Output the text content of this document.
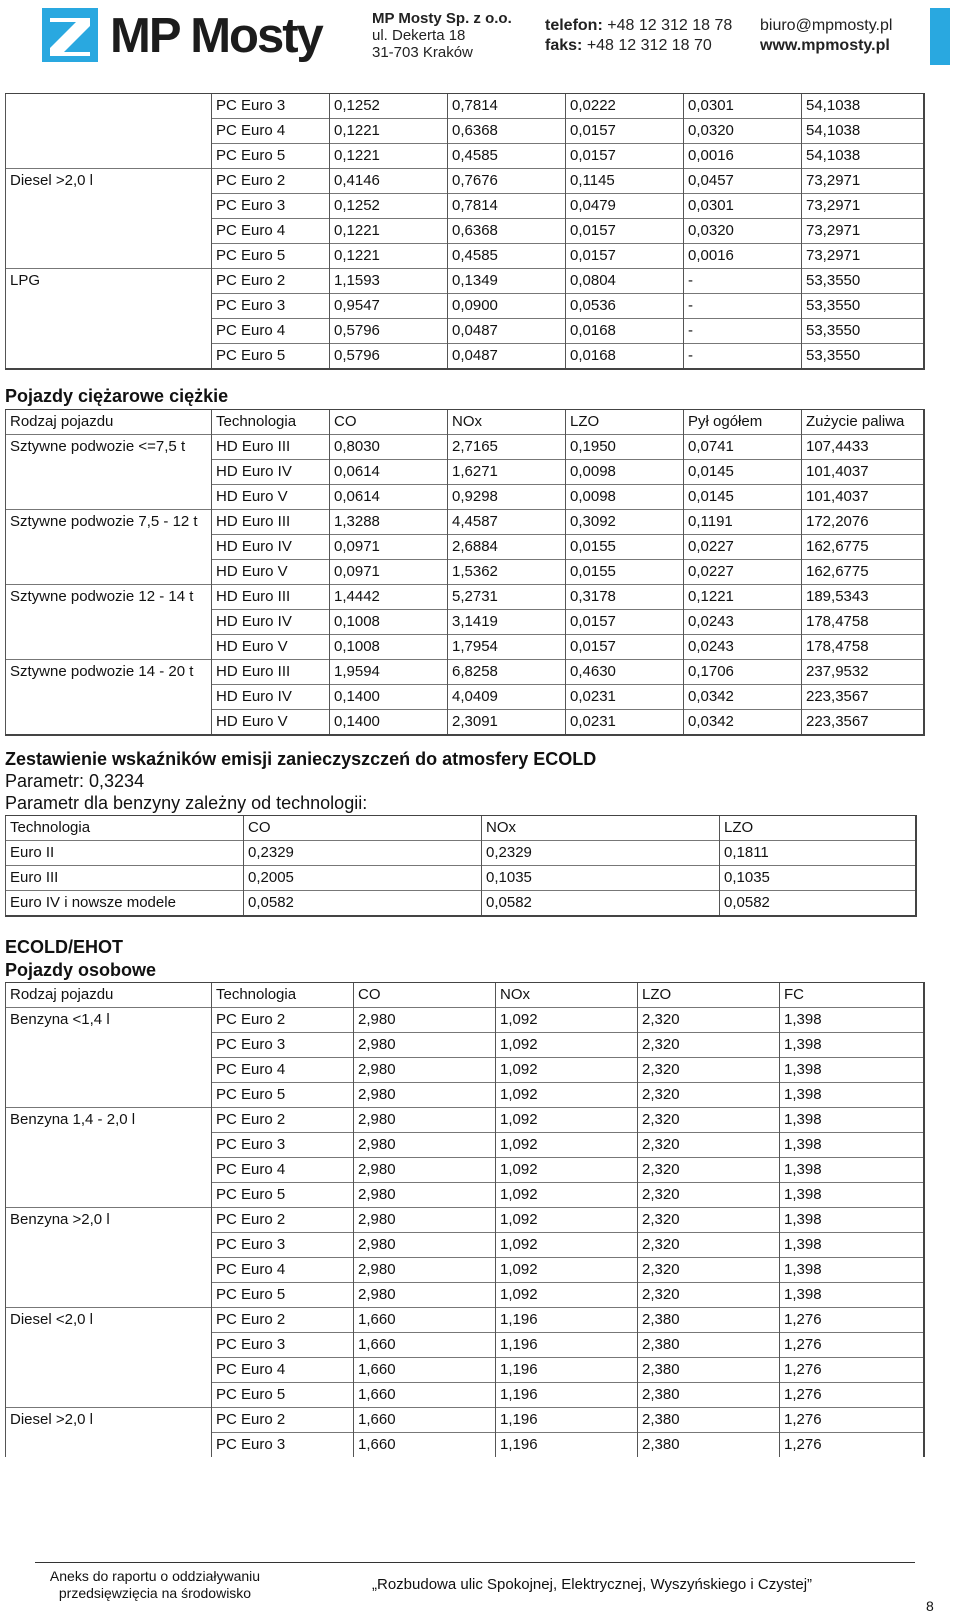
MP Mosty	MP Mosty Sp. z o.o.
ul. Dekerta 18
31-703 Kraków
telefon: +48 12 312 18 78
faks: +48 12 312 18 70
biuro@mpmosty.pl
www.mpmosty.pl
	PC Euro 3	0,1252	0,7814	0,0222	0,0301	54,1038
	PC Euro 4	0,1221	0,6368	0,0157	0,0320	54,1038
	PC Euro 5	0,1221	0,4585	0,0157	0,0016	54,1038
Diesel >2,0 l	PC Euro 2	0,4146	0,7676	0,1145	0,0457	73,2971
	PC Euro 3	0,1252	0,7814	0,0479	0,0301	73,2971
	PC Euro 4	0,1221	0,6368	0,0157	0,0320	73,2971
	PC Euro 5	0,1221	0,4585	0,0157	0,0016	73,2971
LPG	PC Euro 2	1,1593	0,1349	0,0804	-	53,3550
	PC Euro 3	0,9547	0,0900	0,0536	-	53,3550
	PC Euro 4	0,5796	0,0487	0,0168	-	53,3550
	PC Euro 5	0,5796	0,0487	0,0168	-	53,3550
Pojazdy ciężarowe ciężkie
Rodzaj pojazdu	Technologia	CO	NOx	LZO	Pył ogółem	Zużycie paliwa
Sztywne podwozie <=7,5 t	HD Euro III	0,8030	2,7165	0,1950	0,0741	107,4433
	HD Euro IV	0,0614	1,6271	0,0098	0,0145	101,4037
	HD Euro V	0,0614	0,9298	0,0098	0,0145	101,4037
Sztywne podwozie 7,5 - 12 t	HD Euro III	1,3288	4,4587	0,3092	0,1191	172,2076
	HD Euro IV	0,0971	2,6884	0,0155	0,0227	162,6775
	HD Euro V	0,0971	1,5362	0,0155	0,0227	162,6775
Sztywne podwozie 12 - 14 t	HD Euro III	1,4442	5,2731	0,3178	0,1221	189,5343
	HD Euro IV	0,1008	3,1419	0,0157	0,0243	178,4758
	HD Euro V	0,1008	1,7954	0,0157	0,0243	178,4758
Sztywne podwozie 14 - 20 t	HD Euro III	1,9594	6,8258	0,4630	0,1706	237,9532
	HD Euro IV	0,1400	4,0409	0,0231	0,0342	223,3567
	HD Euro V	0,1400	2,3091	0,0231	0,0342	223,3567
Zestawienie wskaźników emisji zanieczyszczeń do atmosfery ECOLD
Parametr: 0,3234
Parametr dla benzyny zależny od technologii:
Technologia	CO	NOx	LZO
Euro II	0,2329	0,2329	0,1811
Euro III	0,2005	0,1035	0,1035
Euro IV i nowsze modele	0,0582	0,0582	0,0582
ECOLD/EHOT
Pojazdy osobowe
Rodzaj pojazdu	Technologia	CO	NOx	LZO	FC
Benzyna <1,4 l	PC Euro 2	2,980	1,092	2,320	1,398
	PC Euro 3	2,980	1,092	2,320	1,398
	PC Euro 4	2,980	1,092	2,320	1,398
	PC Euro 5	2,980	1,092	2,320	1,398
Benzyna 1,4 - 2,0 l	PC Euro 2	2,980	1,092	2,320	1,398
	PC Euro 3	2,980	1,092	2,320	1,398
	PC Euro 4	2,980	1,092	2,320	1,398
	PC Euro 5	2,980	1,092	2,320	1,398
Benzyna >2,0 l	PC Euro 2	2,980	1,092	2,320	1,398
	PC Euro 3	2,980	1,092	2,320	1,398
	PC Euro 4	2,980	1,092	2,320	1,398
	PC Euro 5	2,980	1,092	2,320	1,398
Diesel <2,0 l	PC Euro 2	1,660	1,196	2,380	1,276
	PC Euro 3	1,660	1,196	2,380	1,276
	PC Euro 4	1,660	1,196	2,380	1,276
	PC Euro 5	1,660	1,196	2,380	1,276
Diesel >2,0 l	PC Euro 2	1,660	1,196	2,380	1,276
	PC Euro 3	1,660	1,196	2,380	1,276
Aneks do raportu o oddziaływaniu
przedsięwzięcia na środowisko	„Rozbudowa ulic Spokojnej, Elektrycznej, Wyszyńskiego i Czystej”
8
